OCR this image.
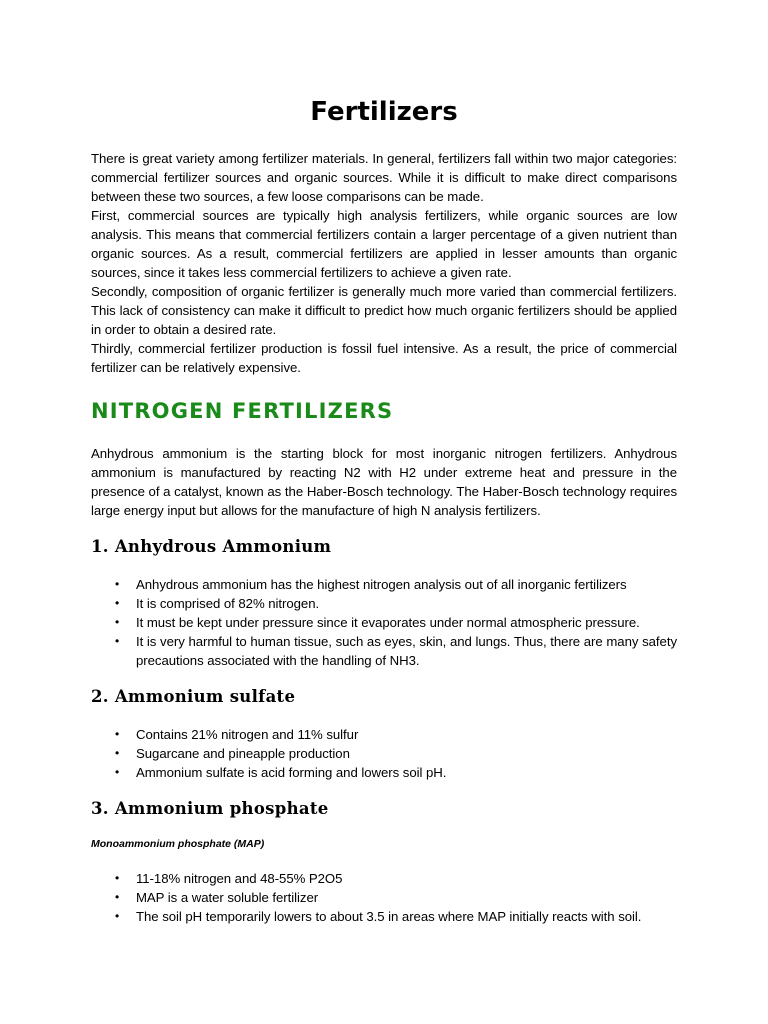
Fertilizers

There is great variety among fertilizer materials. In general, fertilizers fall within two major categories: commercial fertilizer sources and organic sources. While it is difficult to make direct comparisons between these two sources, a few loose comparisons can be made.

First, commercial sources are typically high analysis fertilizers, while organic sources are low analysis. This means that commercial fertilizers contain a larger percentage of a given nutrient than organic sources. As a result, commercial fertilizers are applied in lesser amounts than organic sources, since it takes less commercial fertilizers to achieve a given rate.

Secondly, composition of organic fertilizer is generally much more varied than commercial fertilizers. This lack of consistency can make it difficult to predict how much organic fertilizers should be applied in order to obtain a desired rate.

Thirdly, commercial fertilizer production is fossil fuel intensive. As a result, the price of commercial fertilizer can be relatively expensive.

NITROGEN FERTILIZERS

Anhydrous ammonium is the starting block for most inorganic nitrogen fertilizers. Anhydrous ammonium is manufactured by reacting N2 with H2 under extreme heat and pressure in the presence of a catalyst, known as the Haber-Bosch technology. The Haber-Bosch technology requires large energy input but allows for the manufacture of high N analysis fertilizers.

1. Anhydrous Ammonium
• Anhydrous ammonium has the highest nitrogen analysis out of all inorganic fertilizers
• It is comprised of 82% nitrogen.
• It must be kept under pressure since it evaporates under normal atmospheric pressure.
• It is very harmful to human tissue, such as eyes, skin, and lungs. Thus, there are many safety precautions associated with the handling of NH3.
2. Ammonium sulfate
• Contains 21% nitrogen and 11% sulfur
• Sugarcane and pineapple production
• Ammonium sulfate is acid forming and lowers soil pH.
3. Ammonium phosphate

Monoammonium phosphate (MAP)

• 11-18% nitrogen and 48-55% P2O5
• MAP is a water soluble fertilizer
• The soil pH temporarily lowers to about 3.5 in areas where MAP initially reacts with soil.
